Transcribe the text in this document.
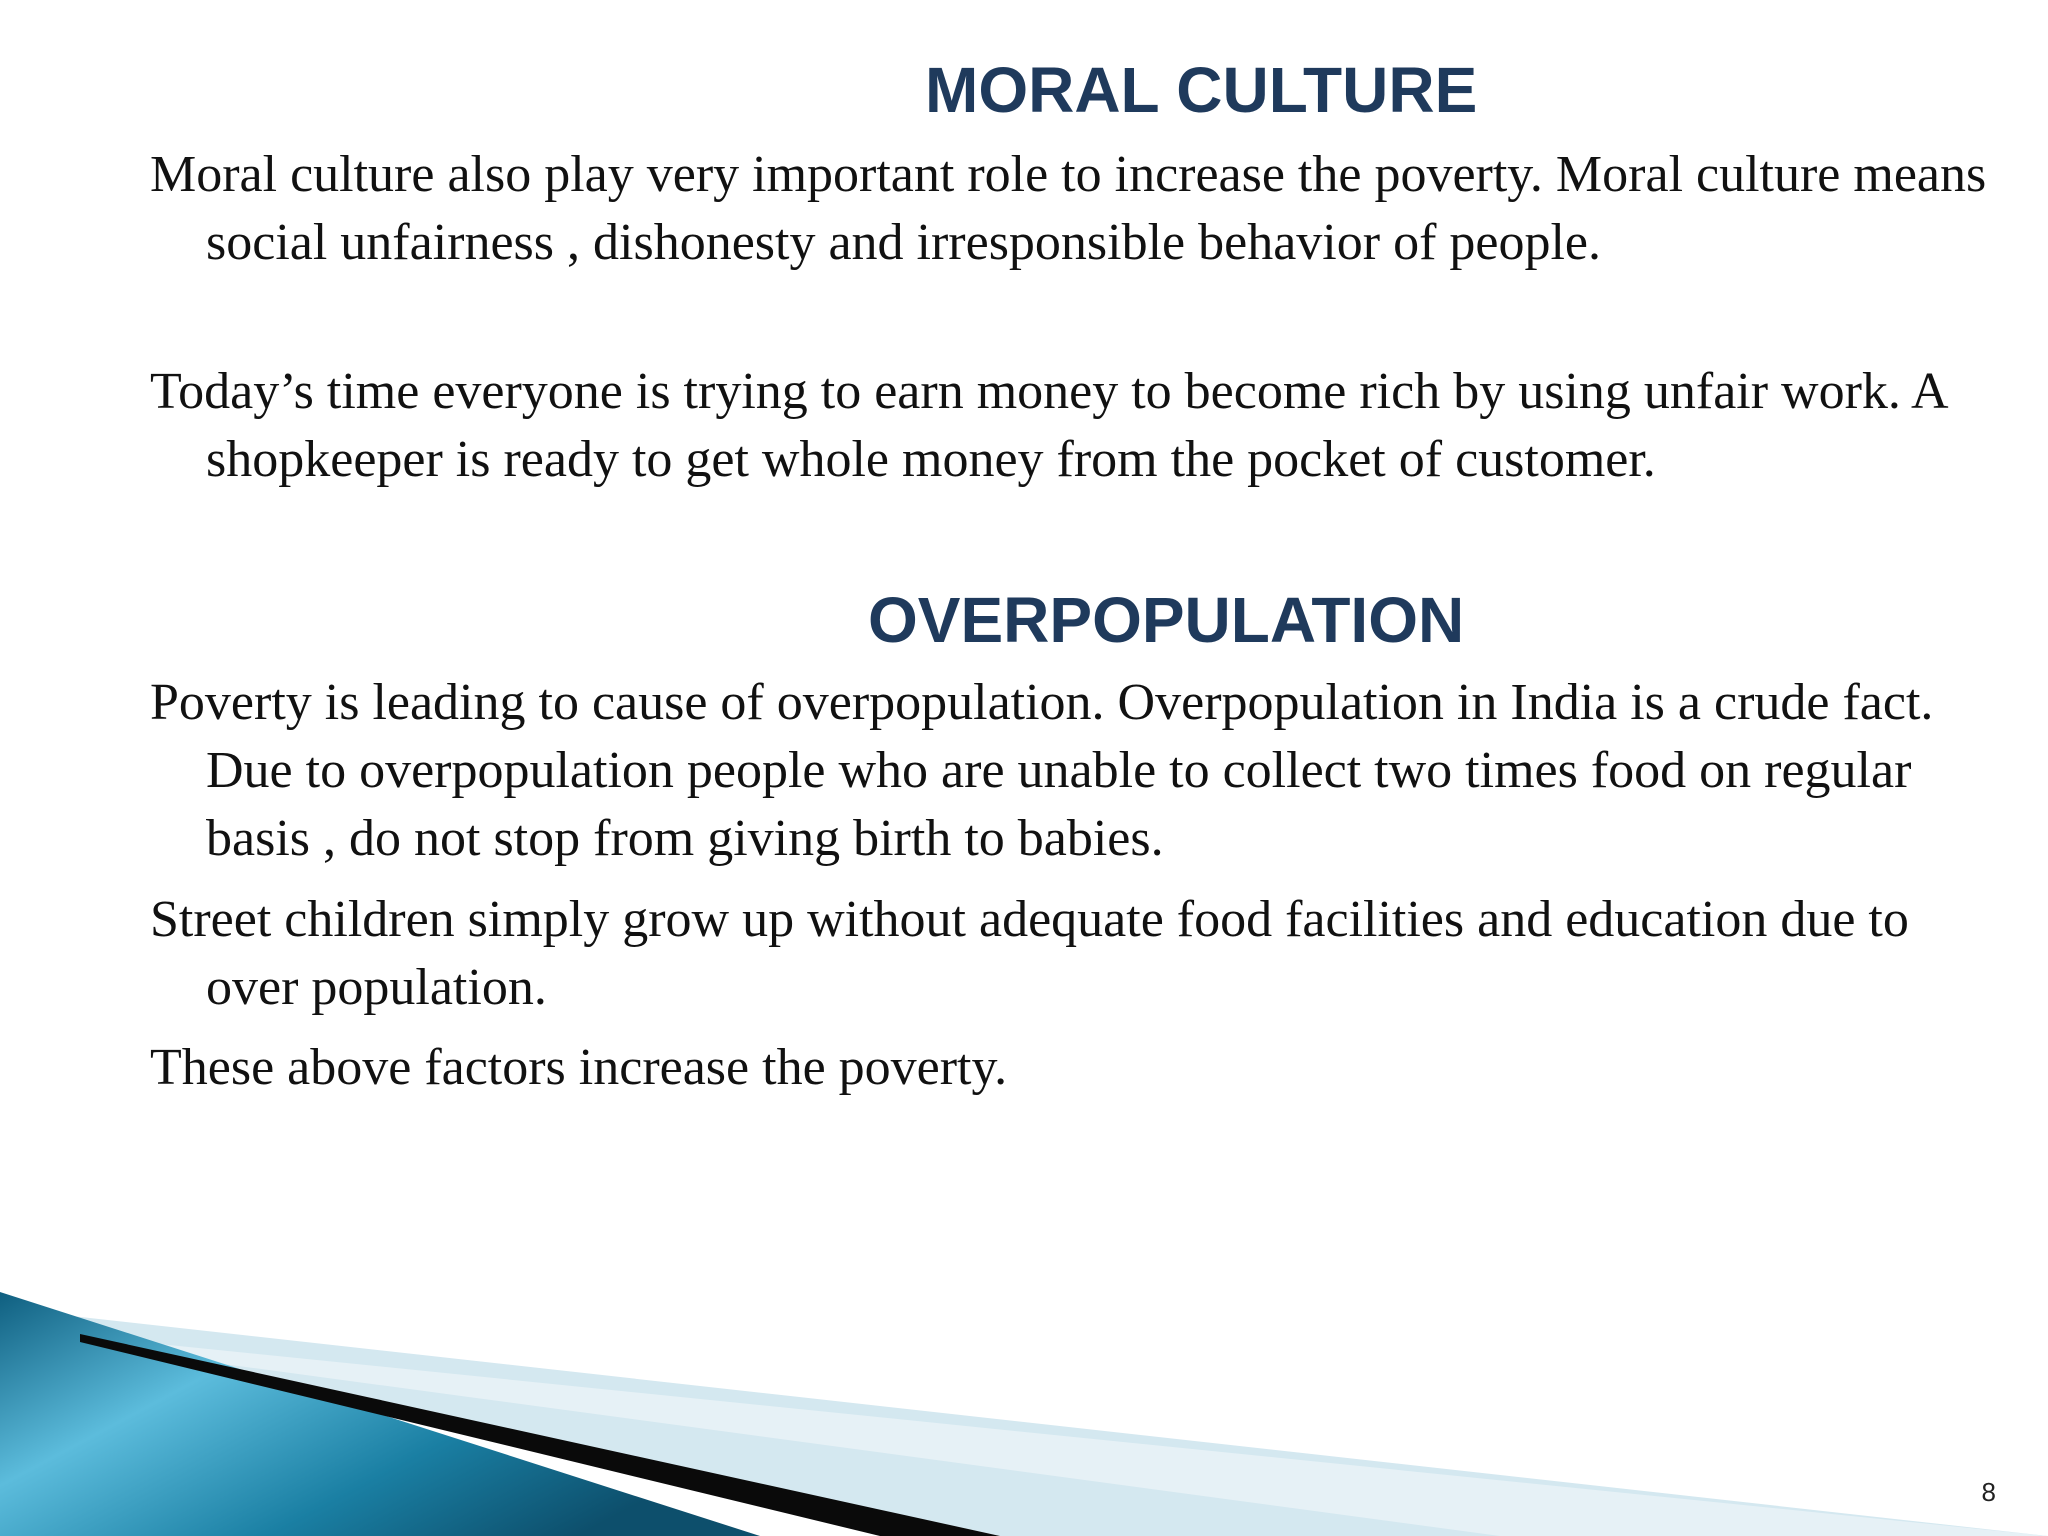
MORAL CULTURE

Moral culture also play very important role to increase the poverty. Moral culture means social unfairness , dishonesty and irresponsible behavior of people.

Today’s time everyone is trying to earn money to become rich by using unfair work. A shopkeeper is ready to get whole money from the pocket of customer.

OVERPOPULATION

Poverty is leading to cause of overpopulation. Overpopulation in India is a crude fact. Due to overpopulation people who are unable to collect two times food on regular basis , do not stop from giving birth to babies.

Street children simply grow up without adequate food facilities and education due to over population.

These above factors increase the poverty.

8
